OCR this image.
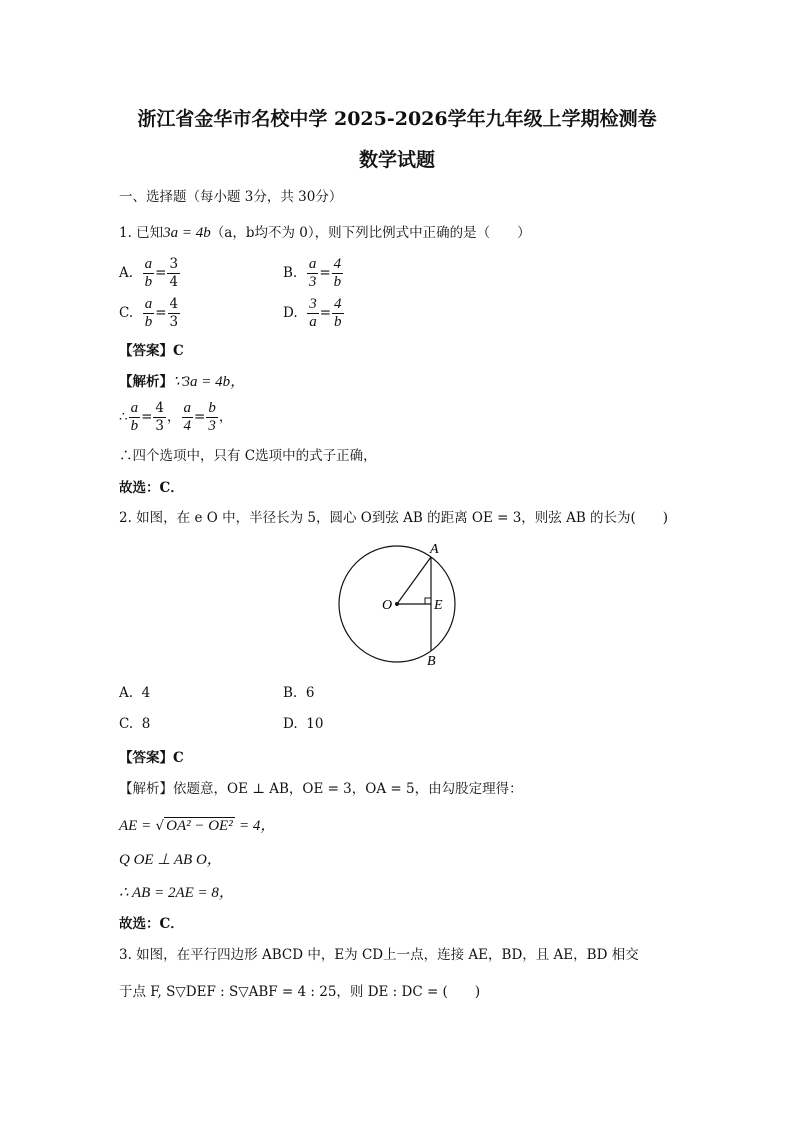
浙江省金华市名校中学 2025-2026学年九年级上学期检测卷
数学试题
一、选择题（每小题 3分，共 30分）
1. 已知3a = 4b（a，b均不为 0），则下列比例式中正确的是（　　）
A. $\frac{a}{b} = \frac{3}{4}$	B. $\frac{a}{3} = \frac{4}{b}$
C. $\frac{a}{b} = \frac{4}{3}$	D. $\frac{3}{a} = \frac{4}{b}$
【答案】C
【解析】∵3a = 4b，
∴ $\frac{a}{b} = \frac{4}{3}$ ， $\frac{a}{4} = \frac{b}{3}$ ，
∴四个选项中，只有 C选项中的式子正确，
故选：C．
2. 如图，在 e O 中，半径长为 5，圆心 O到弦 AB 的距离 OE = 3，则弦 AB 的长为(　　)
A
O	E
B
A. 4	B. 6
C. 8	D. 10
【答案】C
【解析】依题意，OE ⊥ AB，OE = 3，OA = 5，由勾股定理得：
AE = √ OA² − OE² = 4，
Q OE ⊥ AB O，
∴ AB = 2AE = 8，
故选：C．
3. 如图，在平行四边形 ABCD 中，E为 CD上一点，连接 AE，BD，且 AE，BD 相交
于点 F, S▽DEF : S▽ABF = 4 : 25，则 DE : DC = (　　)
